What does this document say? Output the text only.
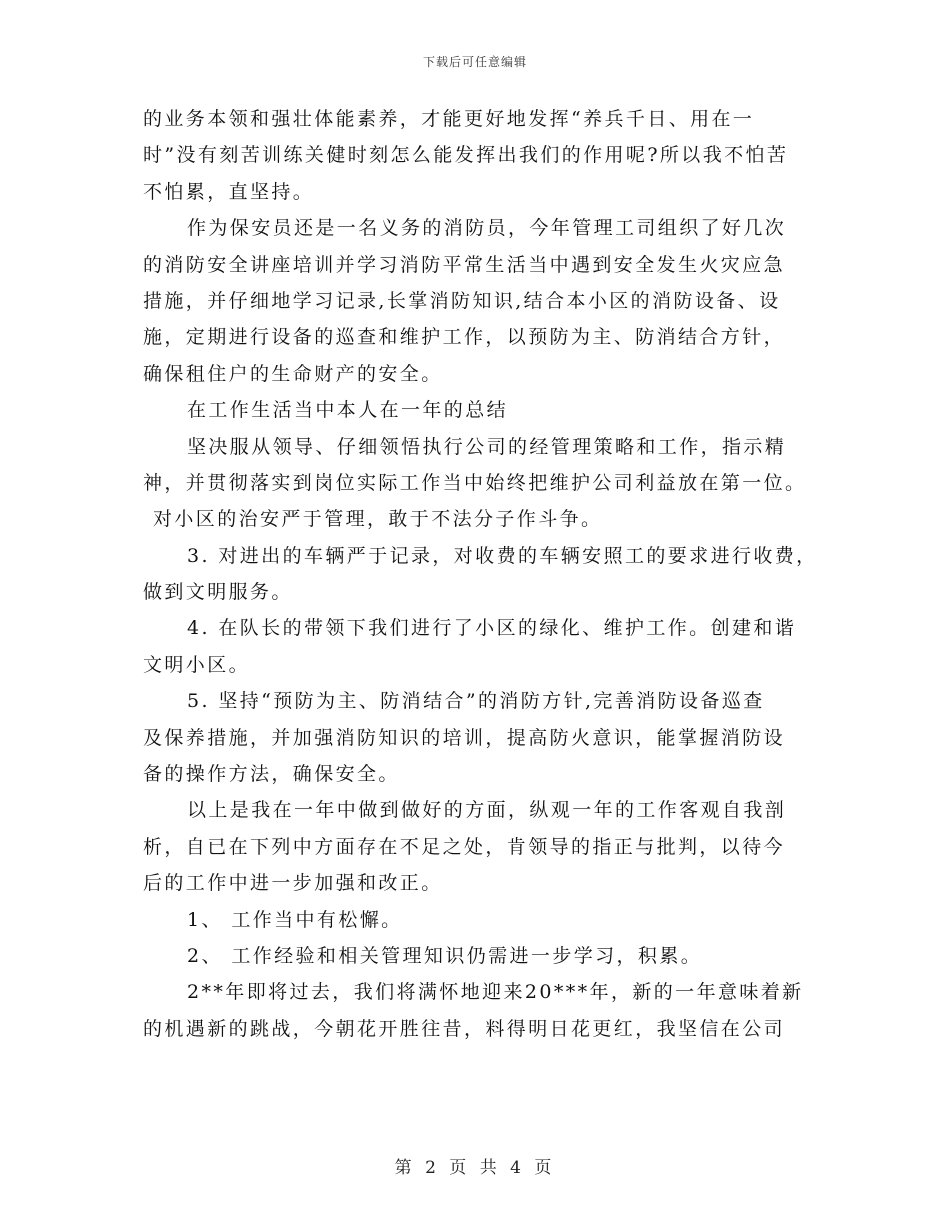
下载后可任意编辑
的业务本领和强壮体能素养，才能更好地发挥“养兵千日、用在一
时”没有刻苦训练关健时刻怎么能发挥出我们的作用呢?所以我不怕苦
不怕累，直坚持。
作为保安员还是一名义务的消防员，今年管理工司组织了好几次
的消防安全讲座培训并学习消防平常生活当中遇到安全发生火灾应急
措施，并仔细地学习记录,长掌消防知识,结合本小区的消防设备、设
施，定期进行设备的巡查和维护工作，以预防为主、防消结合方针，
确保租住户的生命财产的安全。
在工作生活当中本人在一年的总结
坚决服从领导、仔细领悟执行公司的经管理策略和工作，指示精
神，并贯彻落实到岗位实际工作当中始终把维护公司利益放在第一位。
对小区的治安严于管理，敢于不法分子作斗争。
3. 对进出的车辆严于记录，对收费的车辆安照工的要求进行收费，
做到文明服务。
4. 在队长的带领下我们进行了小区的绿化、维护工作。创建和谐
文明小区。
5. 坚持“预防为主、防消结合”的消防方针,完善消防设备巡查
及保养措施，并加强消防知识的培训，提高防火意识，能掌握消防设
备的操作方法，确保安全。
以上是我在一年中做到做好的方面，纵观一年的工作客观自我剖
析，自已在下列中方面存在不足之处，肯领导的指正与批判，以待今
后的工作中进一步加强和改正。
1、 工作当中有松懈。
2、 工作经验和相关管理知识仍需进一步学习，积累。
2**年即将过去，我们将满怀地迎来20***年，新的一年意味着新
的机遇新的跳战，今朝花开胜往昔，料得明日花更红，我坚信在公司
第 2 页 共 4 页
